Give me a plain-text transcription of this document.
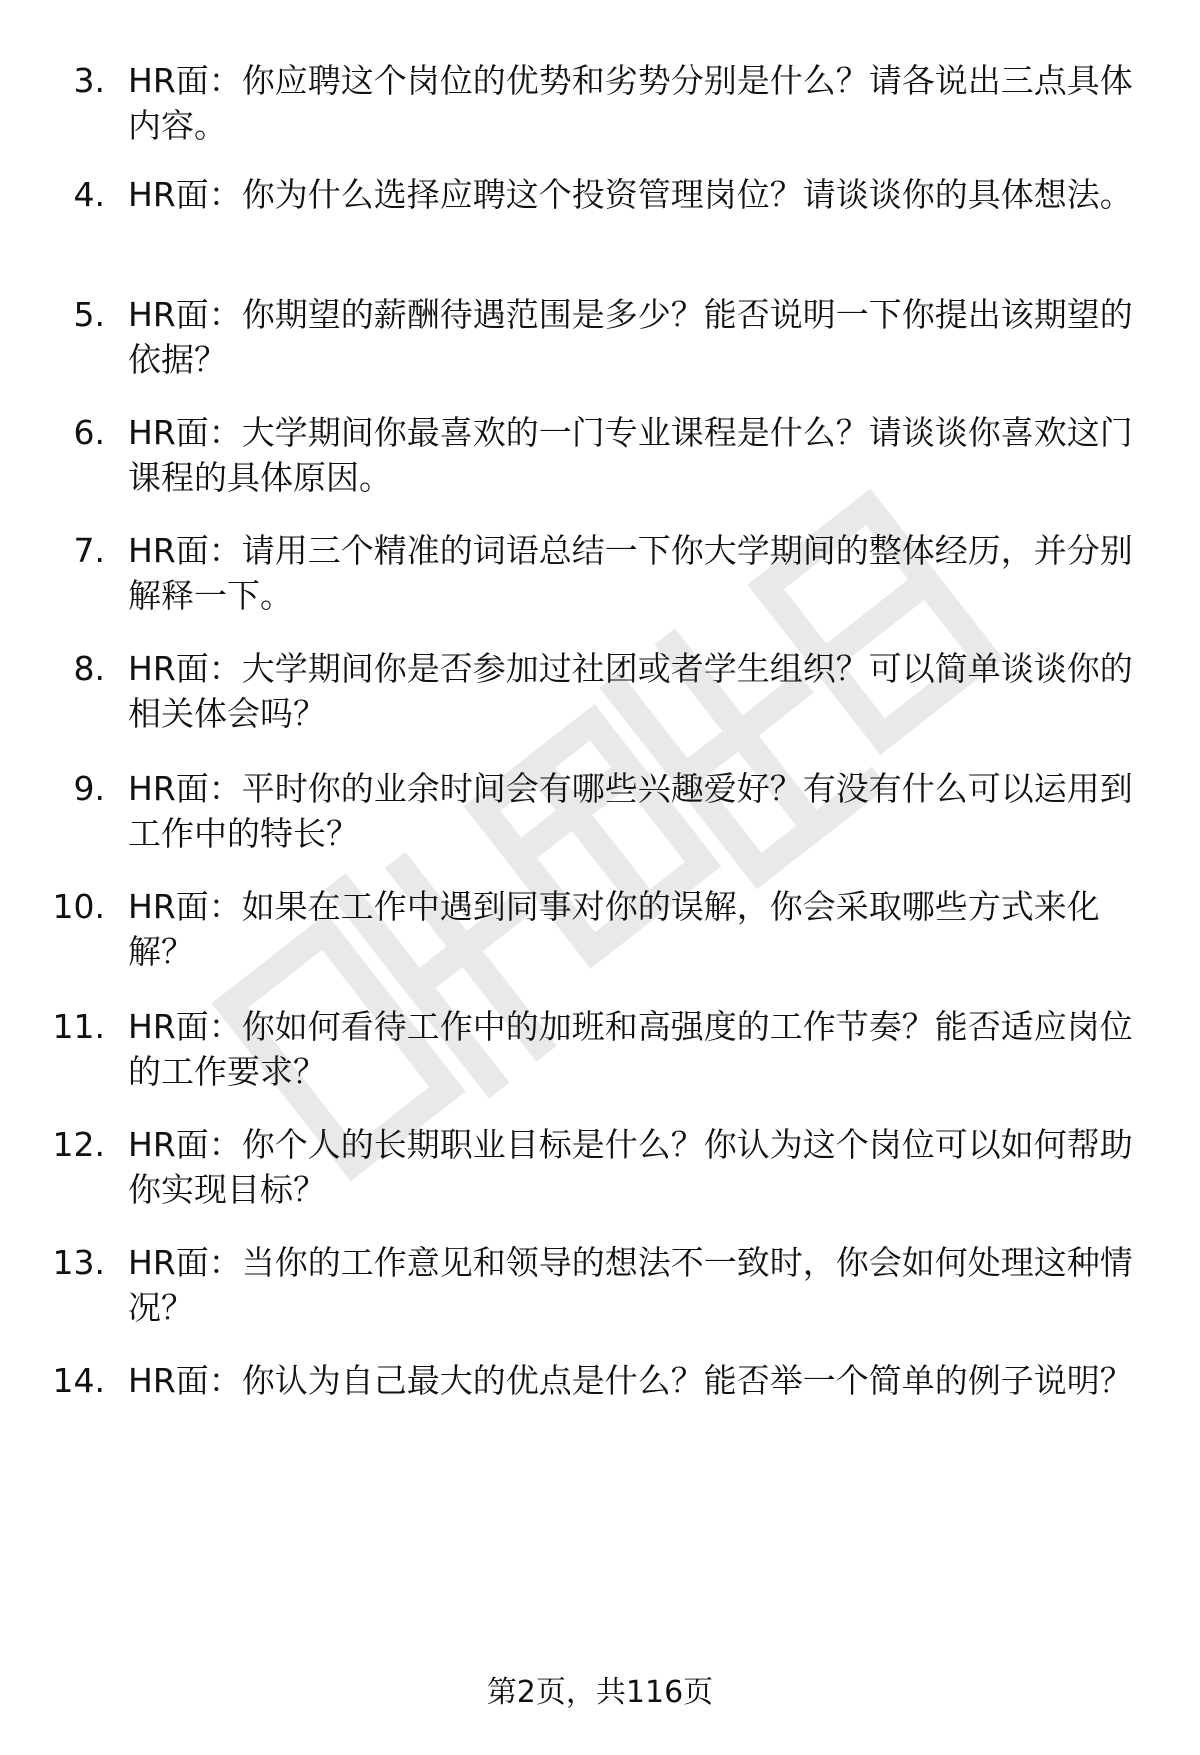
3. HR面：你应聘这个岗位的优势和劣势分别是什么？请各说出三点具体内容。
4. HR面：你为什么选择应聘这个投资管理岗位？请谈谈你的具体想法。
5. HR面：你期望的薪酬待遇范围是多少？能否说明一下你提出该期望的依据？
6. HR面：大学期间你最喜欢的一门专业课程是什么？请谈谈你喜欢这门课程的具体原因。
7. HR面：请用三个精准的词语总结一下你大学期间的整体经历，并分别解释一下。
8. HR面：大学期间你是否参加过社团或者学生组织？可以简单谈谈你的相关体会吗？
9. HR面：平时你的业余时间会有哪些兴趣爱好？有没有什么可以运用到工作中的特长？
10. HR面：如果在工作中遇到同事对你的误解，你会采取哪些方式来化解？
11. HR面：你如何看待工作中的加班和高强度的工作节奏？能否适应岗位的工作要求？
12. HR面：你个人的长期职业目标是什么？你认为这个岗位可以如何帮助你实现目标？
13. HR面：当你的工作意见和领导的想法不一致时，你会如何处理这种情况？
14. HR面：你认为自己最大的优点是什么？能否举一个简单的例子说明？
第2页，共116页
